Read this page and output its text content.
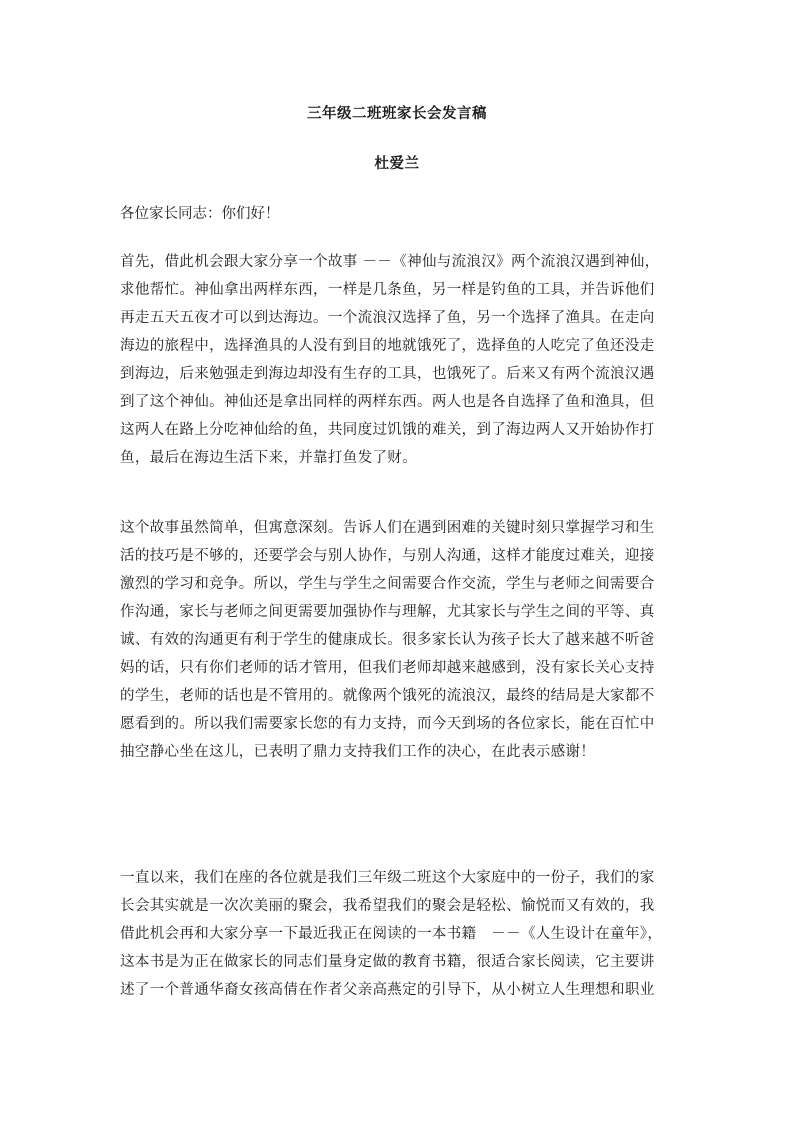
三年级二班班家长会发言稿
杜爱兰

各位家长同志：你们好！

首先，借此机会跟大家分享一个故事 －－《神仙与流浪汉》两个流浪汉遇到神仙，
求他帮忙。神仙拿出两样东西，一样是几条鱼，另一样是钓鱼的工具，并告诉他们
再走五天五夜才可以到达海边。一个流浪汉选择了鱼，另一个选择了渔具。在走向
海边的旅程中，选择渔具的人没有到目的地就饿死了，选择鱼的人吃完了鱼还没走
到海边，后来勉强走到海边却没有生存的工具，也饿死了。后来又有两个流浪汉遇
到了这个神仙。神仙还是拿出同样的两样东西。两人也是各自选择了鱼和渔具，但
这两人在路上分吃神仙给的鱼，共同度过饥饿的难关，到了海边两人又开始协作打
鱼，最后在海边生活下来，并靠打鱼发了财。

这个故事虽然简单，但寓意深刻。告诉人们在遇到困难的关键时刻只掌握学习和生
活的技巧是不够的，还要学会与别人协作，与别人沟通，这样才能度过难关，迎接
激烈的学习和竞争。所以，学生与学生之间需要合作交流，学生与老师之间需要合
作沟通，家长与老师之间更需要加强协作与理解，尤其家长与学生之间的平等、真
诚、有效的沟通更有利于学生的健康成长。很多家长认为孩子长大了越来越不听爸
妈的话，只有你们老师的话才管用，但我们老师却越来越感到，没有家长关心支持
的学生，老师的话也是不管用的。就像两个饿死的流浪汉，最终的结局是大家都不
愿看到的。所以我们需要家长您的有力支持，而今天到场的各位家长，能在百忙中
抽空静心坐在这儿，已表明了鼎力支持我们工作的决心，在此表示感谢！

一直以来，我们在座的各位就是我们三年级二班这个大家庭中的一份子，我们的家
长会其实就是一次次美丽的聚会，我希望我们的聚会是轻松、愉悦而又有效的，我
借此机会再和大家分享一下最近我正在阅读的一本书籍　－－《人生设计在童年》，
这本书是为正在做家长的同志们量身定做的教育书籍，很适合家长阅读，它主要讲
述了一个普通华裔女孩高倩在作者父亲高燕定的引导下，从小树立人生理想和职业
